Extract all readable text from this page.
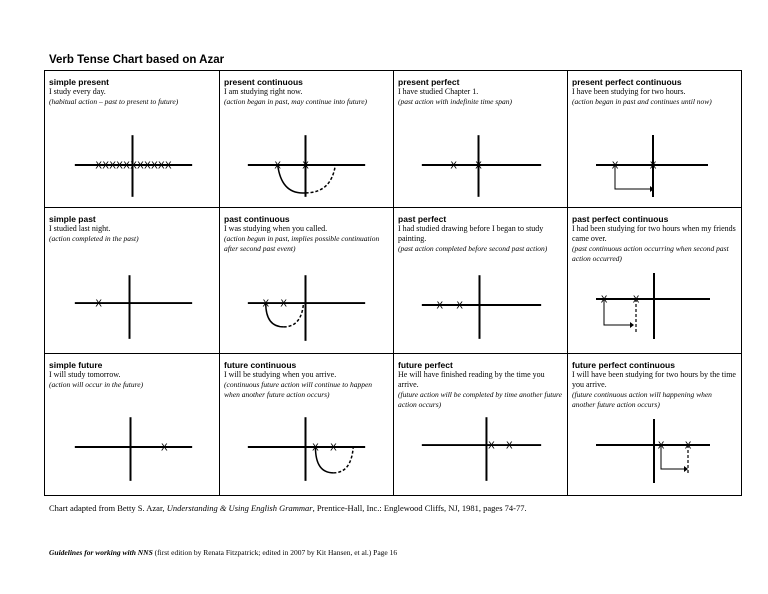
Verb Tense Chart based on Azar
simple present
I study every day.
(habitual action – past to present to future)
X X X X X X X X X X X
present continuous
I am studying right now.
(action began in past, may continue into future)
X X
present perfect
I have studied Chapter 1.
(past action with indefinite time span)
X X
present perfect continuous
I have been studying for two hours.
(action began in past and continues until now)
X	X
simple past
I studied last night.
(action completed in the past)
X
past continuous
I was studying when you called.
(action begun in past, implies possible continuation after second past event)
X X
past perfect
I had studied drawing before I began to study painting.
(past action completed before second past action)
X X
past perfect continuous
I had been studying for two hours when my friends came over.
(past continuous action occurring when second past action occurred)
X	X
simple future
I will study tomorrow.
(action will occur in the future)
X
future continuous
I will be studying when you arrive.
(continuous future action will continue to happen when another future action occurs)
X X
future perfect
He will have finished reading by the time you arrive.
(future action will be completed by time another future action occurs)
X X
future perfect continuous
I will have been studying for two hours by the time you arrive.
(future continuous action will happening when another future action occurs)
X X
Chart adapted from Betty S. Azar, Understanding & Using English Grammar, Prentice-Hall, Inc.: Englewood Cliffs, NJ, 1981, pages 74-77.
Guidelines for working with NNS (first edition by Renata Fitzpatrick; edited in 2007 by Kit Hansen, et al.) Page 16
